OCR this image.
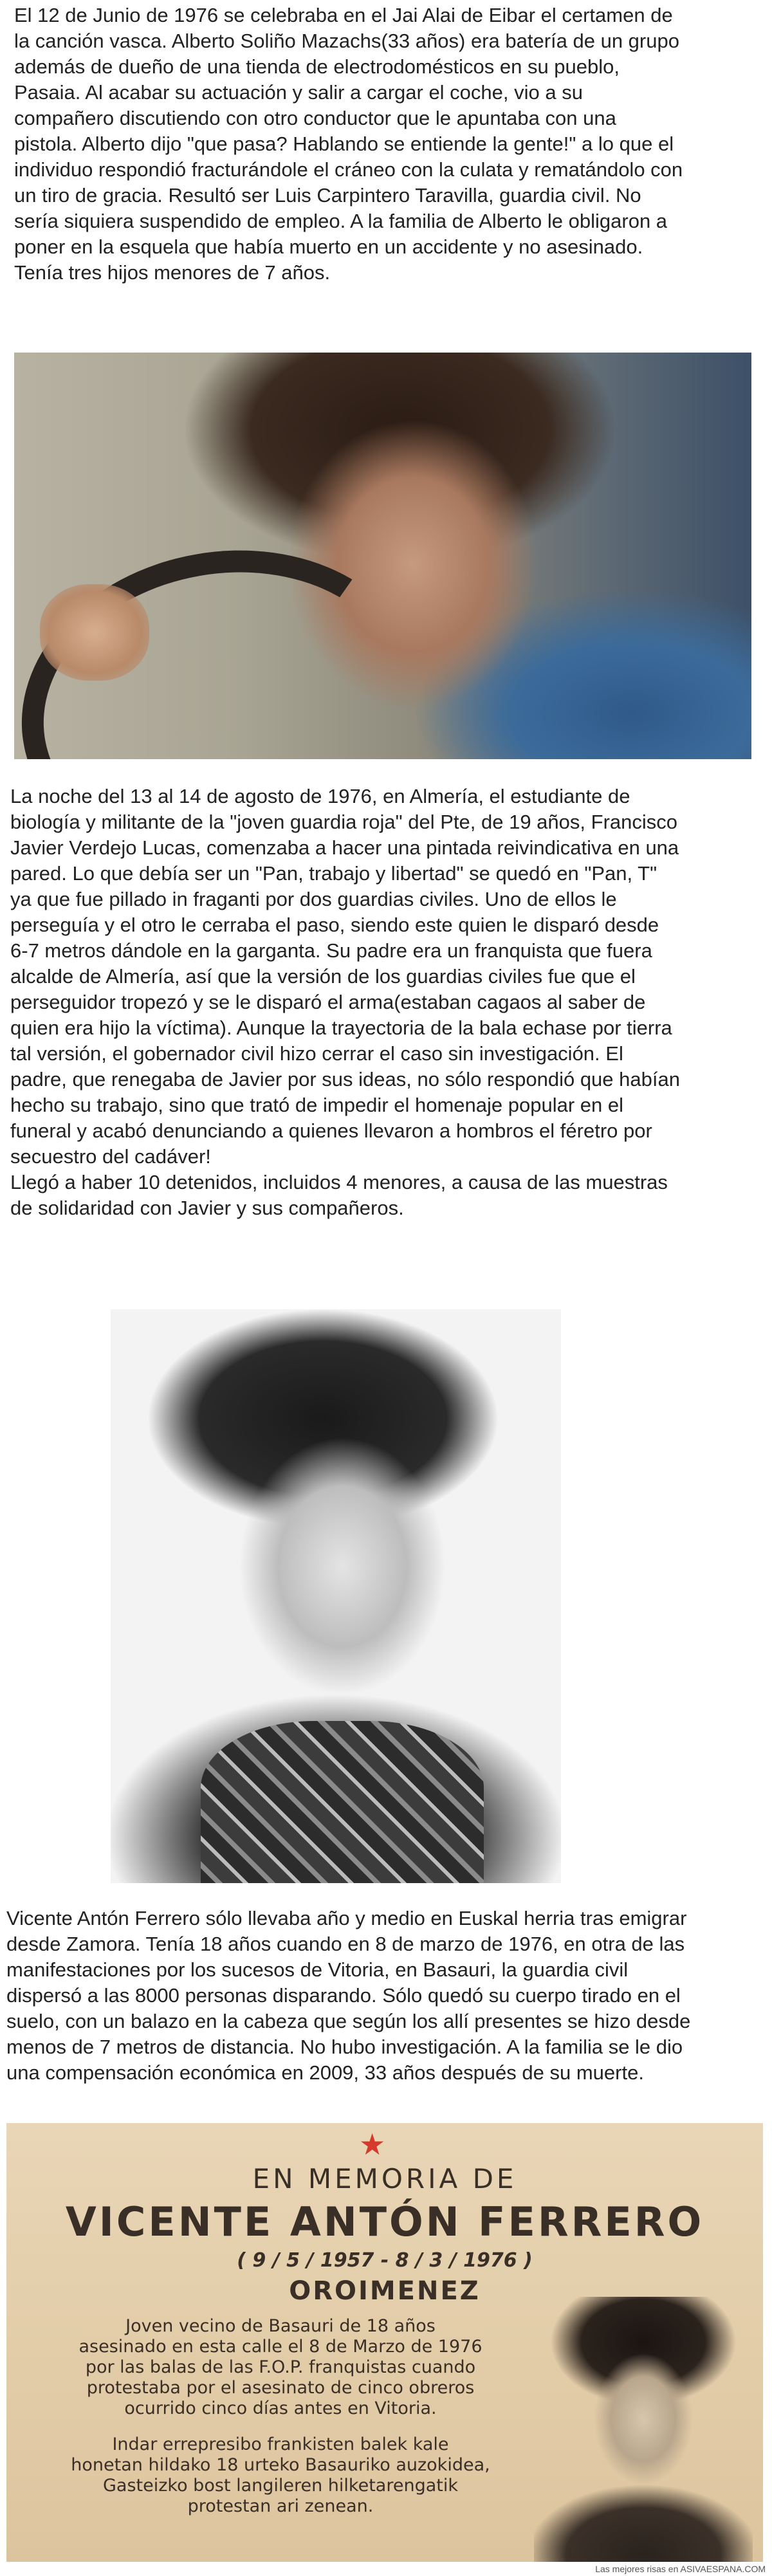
El 12 de Junio de 1976 se celebraba en el Jai Alai de Eibar el certamen de
la canción vasca. Alberto Soliño Mazachs(33 años) era batería de un grupo
además de dueño de una tienda de electrodomésticos en su pueblo,
Pasaia. Al acabar su actuación y salir a cargar el coche, vio a su
compañero discutiendo con otro conductor que le apuntaba con una
pistola. Alberto dijo "que pasa? Hablando se entiende la gente!" a lo que el
individuo respondió fracturándole el cráneo con la culata y rematándolo con
un tiro de gracia. Resultó ser Luis Carpintero Taravilla, guardia civil. No
sería siquiera suspendido de empleo. A la familia de Alberto le obligaron a
poner en la esquela que había muerto en un accidente y no asesinado.
Tenía tres hijos menores de 7 años.
La noche del 13 al 14 de agosto de 1976, en Almería, el estudiante de
biología y militante de la "joven guardia roja" del Pte, de 19 años, Francisco
Javier Verdejo Lucas, comenzaba a hacer una pintada reivindicativa en una
pared. Lo que debía ser un "Pan, trabajo y libertad" se quedó en "Pan, T"
ya que fue pillado in fraganti por dos guardias civiles. Uno de ellos le
perseguía y el otro le cerraba el paso, siendo este quien le disparó desde
6-7 metros dándole en la garganta. Su padre era un franquista que fuera
alcalde de Almería, así que la versión de los guardias civiles fue que el
perseguidor tropezó y se le disparó el arma(estaban cagaos al saber de
quien era hijo la víctima). Aunque la trayectoria de la bala echase por tierra
tal versión, el gobernador civil hizo cerrar el caso sin investigación. El
padre, que renegaba de Javier por sus ideas, no sólo respondió que habían
hecho su trabajo, sino que trató de impedir el homenaje popular en el
funeral y acabó denunciando a quienes llevaron a hombros el féretro por
secuestro del cadáver!
Llegó a haber 10 detenidos, incluidos 4 menores, a causa de las muestras
de solidaridad con Javier y sus compañeros.
Vicente Antón Ferrero sólo llevaba año y medio en Euskal herria tras emigrar
desde Zamora. Tenía 18 años cuando en 8 de marzo de 1976, en otra de las
manifestaciones por los sucesos de Vitoria, en Basauri, la guardia civil
dispersó a las 8000 personas disparando. Sólo quedó su cuerpo tirado en el
suelo, con un balazo en la cabeza que según los allí presentes se hizo desde
menos de 7 metros de distancia. No hubo investigación. A la familia se le dio
una compensación económica en 2009, 33 años después de su muerte.
★
EN MEMORIA DE
VICENTE ANTÓN FERRERO
( 9 / 5 / 1957 - 8 / 3 / 1976 )
OROIMENEZ
Joven vecino de Basauri de 18 años
asesinado en esta calle el 8 de Marzo de 1976
por las balas de las F.O.P. franquistas cuando
protestaba por el asesinato de cinco obreros
ocurrido cinco días antes en Vitoria.
Indar errepresibo frankisten balek kale
honetan hildako 18 urteko Basauriko auzokidea,
Gasteizko bost langileren hilketarengatik
protestan ari zenean.
Las mejores risas en ASIVAESPANA.COM
